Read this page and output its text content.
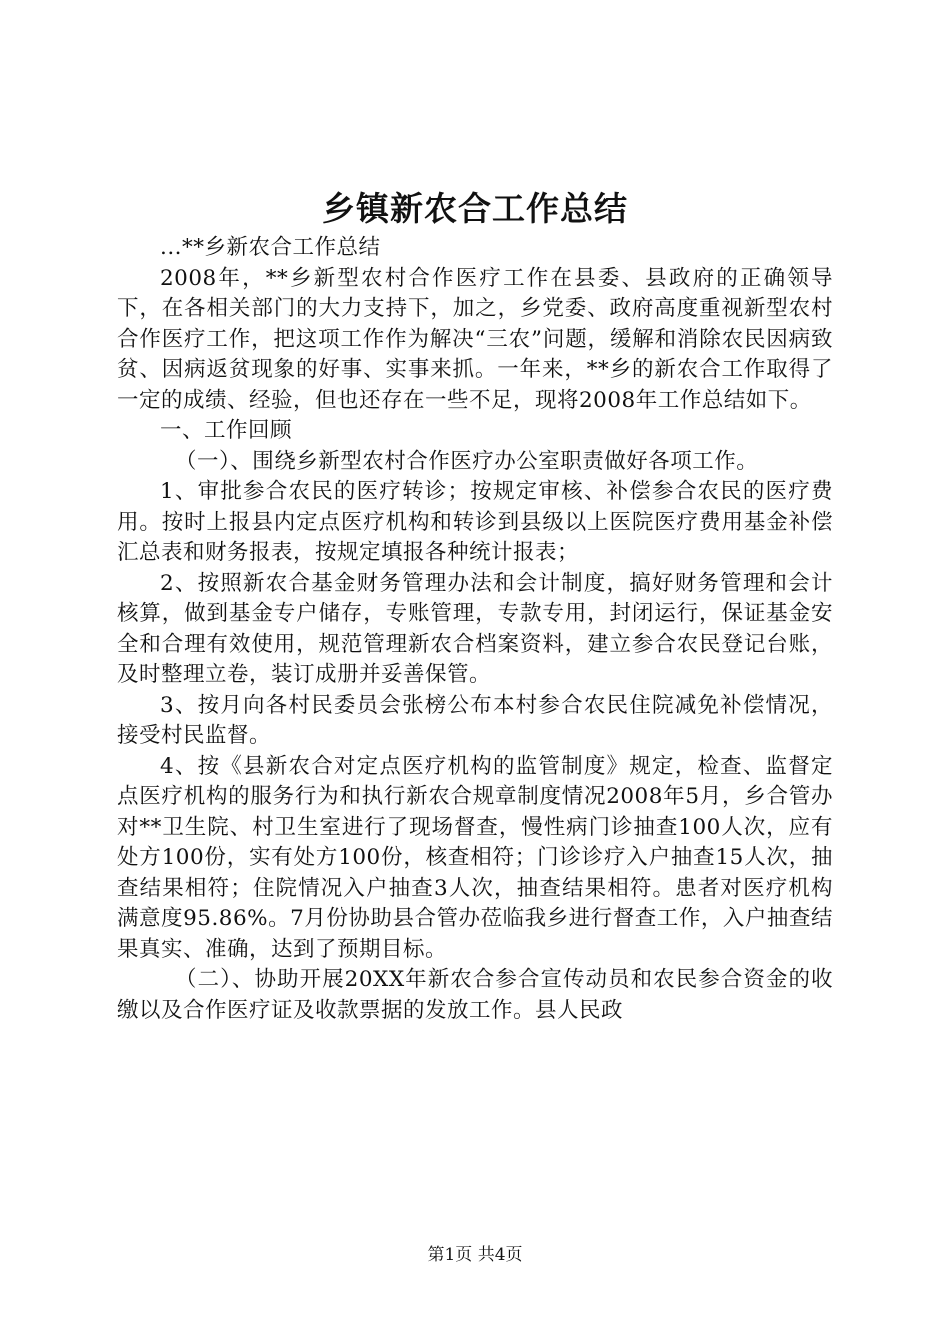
乡镇新农合工作总结

...**乡新农合工作总结

2008年，**乡新型农村合作医疗工作在县委、县政府的正确领导下，在各相关部门的大力支持下，加之，乡党委、政府高度重视新型农村合作医疗工作，把这项工作作为解决“三农”问题，缓解和消除农民因病致贫、因病返贫现象的好事、实事来抓。一年来，**乡的新农合工作取得了一定的成绩、经验，但也还存在一些不足，现将2008年工作总结如下。

一、工作回顾

（一）、围绕乡新型农村合作医疗办公室职责做好各项工作。

1、审批参合农民的医疗转诊；按规定审核、补偿参合农民的医疗费用。按时上报县内定点医疗机构和转诊到县级以上医院医疗费用基金补偿汇总表和财务报表，按规定填报各种统计报表；

2、按照新农合基金财务管理办法和会计制度，搞好财务管理和会计核算，做到基金专户储存，专账管理，专款专用，封闭运行，保证基金安全和合理有效使用，规范管理新农合档案资料，建立参合农民登记台账，及时整理立卷，装订成册并妥善保管。

3、按月向各村民委员会张榜公布本村参合农民住院减免补偿情况，接受村民监督。

4、按《县新农合对定点医疗机构的监管制度》规定，检查、监督定点医疗机构的服务行为和执行新农合规章制度情况2008年5月，乡合管办对**卫生院、村卫生室进行了现场督查，慢性病门诊抽查100人次，应有处方100份，实有处方100份，核查相符；门诊诊疗入户抽查15人次，抽查结果相符；住院情况入户抽查3人次，抽查结果相符。患者对医疗机构满意度95.86%。7月份协助县合管办莅临我乡进行督查工作，入户抽查结果真实、准确，达到了预期目标。

（二）、协助开展20XX年新农合参合宣传动员和农民参合资金的收缴以及合作医疗证及收款票据的发放工作。县人民政

第1页 共4页
